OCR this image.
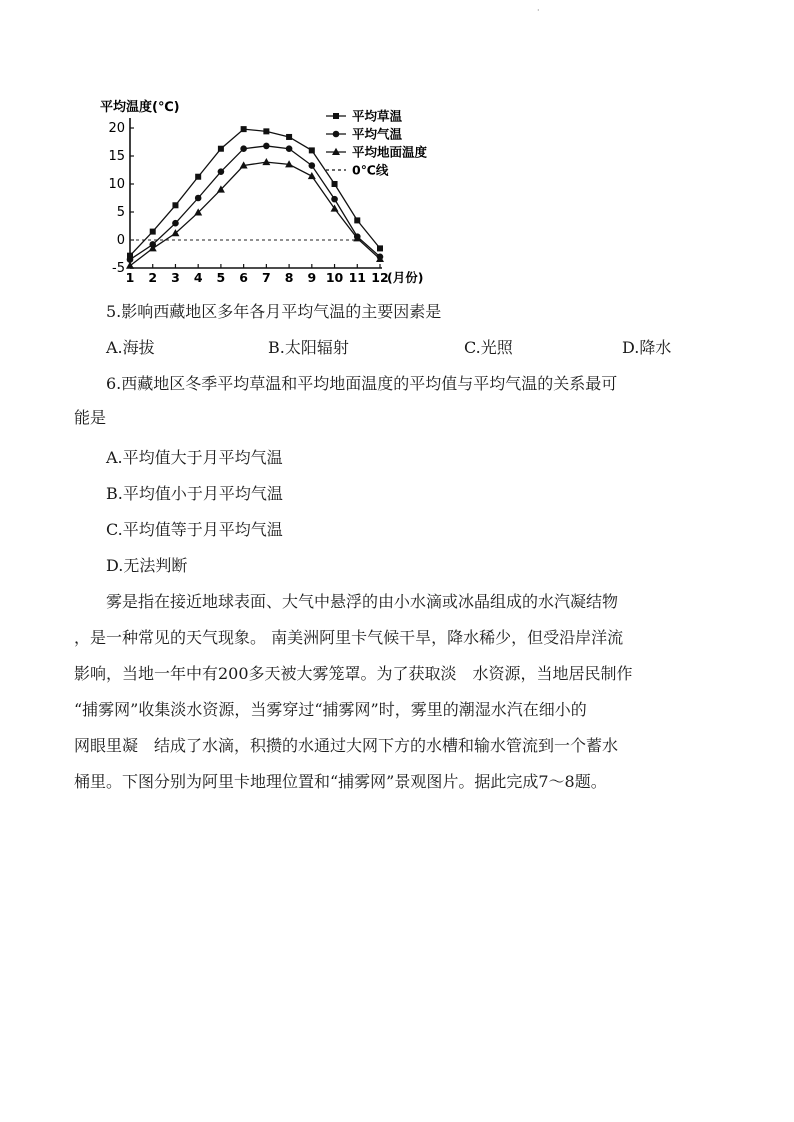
·
平均温度(℃)
20
15
10
5
0
-5
1 2 3 4 5 6 7 8 9 10 11 12
(月份)
平均草温
平均气温
平均地面温度
0℃线
5.影响西藏地区多年各月平均气温的主要因素是
A.海拔	B.太阳辐射	C.光照	D.降水
6.西藏地区冬季平均草温和平均地面温度的平均值与平均气温的关系最可
能是
A.平均值大于月平均气温
B.平均值小于月平均气温
C.平均值等于月平均气温
D.无法判断
雾是指在接近地球表面、大气中悬浮的由小水滴或冰晶组成的水汽凝结物
，是一种常见的天气现象。 南美洲阿里卡气候干旱，降水稀少，但受沿岸洋流
影响，当地一年中有200多天被大雾笼罩。为了获取淡　水资源，当地居民制作
“捕雾网”收集淡水资源，当雾穿过“捕雾网”时，雾里的潮湿水汽在细小的
网眼里凝　结成了水滴，积攒的水通过大网下方的水槽和输水管流到一个蓄水
桶里。下图分别为阿里卡地理位置和“捕雾网”景观图片。据此完成7～8题。
